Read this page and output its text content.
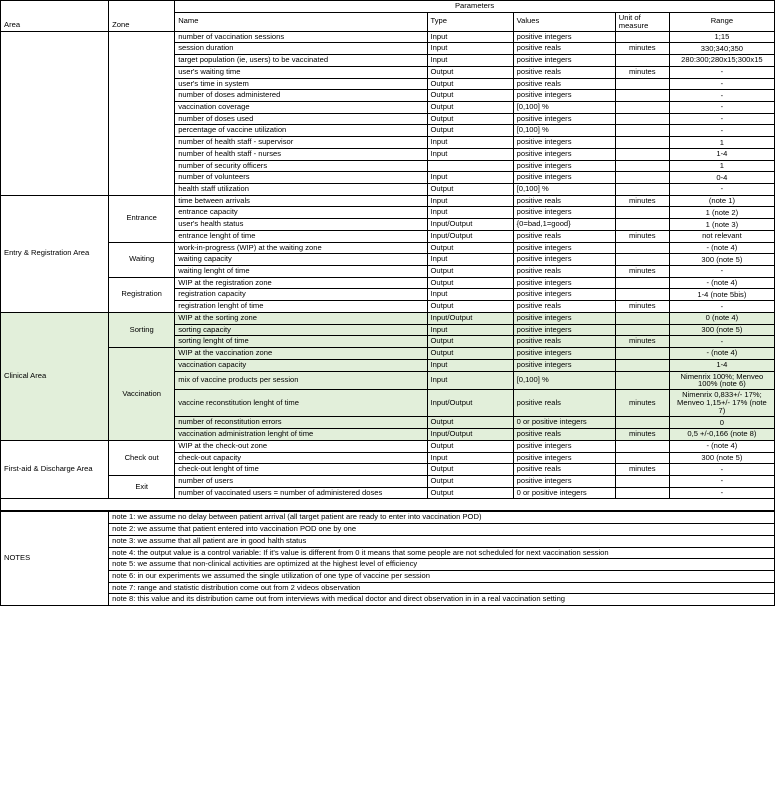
Area	Zone	Parameters				
		Name	Type	Values	Unit of
measure	Range
		number of vaccination sessions	Input	positive integers		1;15
		session duration	Input	positive reals	minutes	330;340;350
		target population (ie, users) to be vaccinated	Input	positive integers		280:300;280x15;300x15
		user's waiting time	Output	positive reals	minutes	-
		user's time in system	Output	positive reals		-
		number of doses administered	Output	positive integers		-
		vaccination coverage	Output	[0,100] %		-
		number of doses used	Output	positive integers		-
		percentage of vaccine utilization	Output	[0,100] %		-
		number of health staff - supervisor	Input	positive integers		1
		number of health staff - nurses	Input	positive integers		1-4
		number of security officers		positive integers		1
		number of volunteers	Input	positive integers		0-4
		health staff utilization	Output	[0,100] %		-
Entry & Registration Area	Entrance	time between arrivals	Input	positive reals	minutes	(note 1)
		entrance capacity	Input	positive integers		1 (note 2)
		user's health status	Input/Output	{0=bad,1=good}		1 (note 3)
		entrance lenght of time	Input/Output	positive reals	minutes	not relevant
	Waiting	work-in-progress (WIP) at the waiting zone	Output	positive integers		- (note 4)
		waiting capacity	Input	positive integers		300 (note 5)
		waiting lenght of time	Output	positive reals	minutes	-
	Registration	WIP at the registration zone	Output	positive integers		- (note 4)
		registration capacity	Input	positive integers		1-4 (note 5bis)
		registration lenght of time	Output	positive reals	minutes	-
Clinical Area	Sorting	WIP at the sorting zone	Input/Output	positive integers		0 (note 4)
		sorting capacity	Input	positive integers		300 (note 5)
		sorting lenght of time	Output	positive reals	minutes	-
	Vaccination	WIP at the vaccination zone	Output	positive integers		- (note 4)
		vaccination capacity	Input	positive integers		1-4
		mix of vaccine products per session	Input	[0,100] %		Nimenrix 100%; Menveo 100% (note 6)
		vaccine reconstitution lenght of time	Input/Output	positive reals	minutes	Nimenrix 0,833+/- 17%; Menveo 1,15+/- 17% (note 7)
		number of reconstitution errors	Output	0 or positive integers		0
		vaccination administration lenght of time	Input/Output	positive reals	minutes	0,5 +/-0,166 (note 8)
First-aid & Discharge Area	Check out	WIP at the check-out zone	Output	positive integers		- (note 4)
		check-out capacity	Input	positive integers		300 (note 5)
		check-out lenght of time	Output	positive reals	minutes	-
	Exit	number of users	Output	positive integers		-
		number of vaccinated users = number of administered doses	Output	0 or positive integers		-

NOTES	note 1: we assume no delay between patient arrival (all target patient are ready to enter into vaccination POD)
note 2: we assume that patient entered into vaccination POD one by one
note 3: we assume that all patient are in good halth status
note 4: the output value is a control variable: If it's value is different from 0 it means that some people are not scheduled for next vaccination session
note 5: we assume that non-clinical activities are optimized at the highest level of efficiency
note 6: in our experiments we assumed the single utilization of one type of vaccine per session
note 7: range and statistic distribution come out from 2 videos observation
note 8: this value and its distribution came out from interviews with medical doctor and direct observation in in a real vaccination setting
